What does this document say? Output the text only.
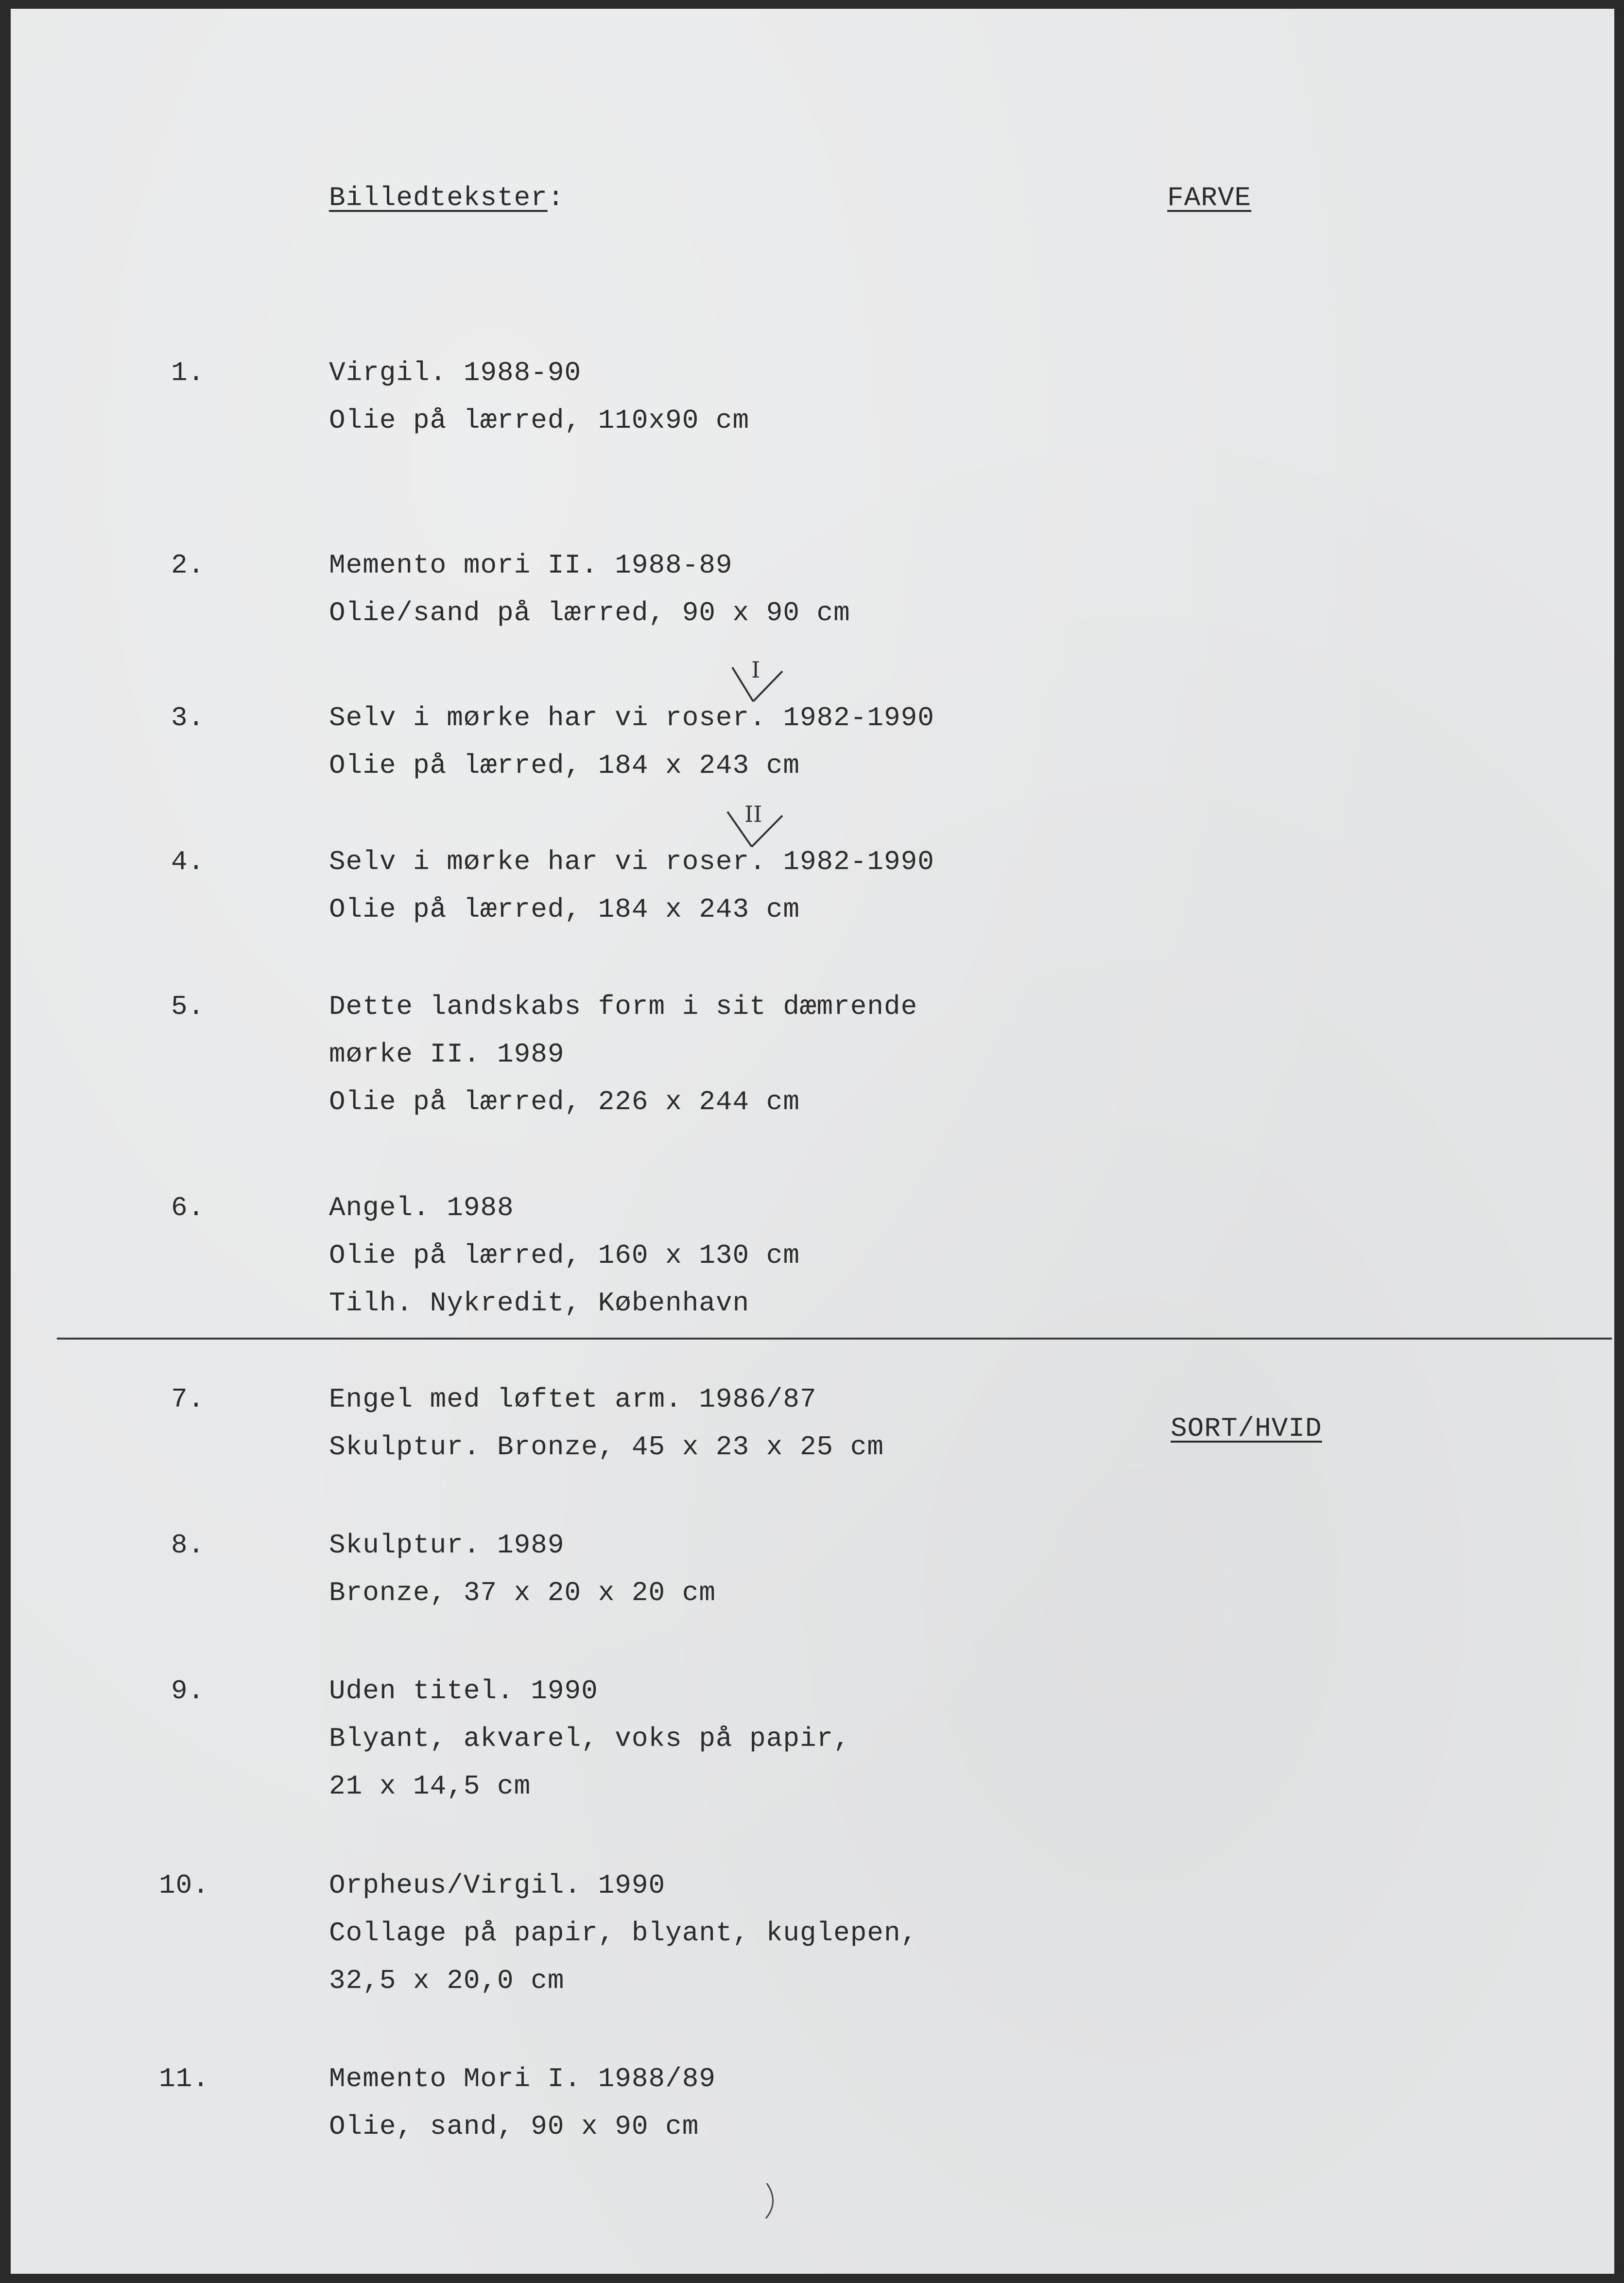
Billedtekster:	FARVE
1.	Virgil. 1988-90
Olie på lærred, 110x90 cm
2.	Memento mori II. 1988-89
Olie/sand på lærred, 90 x 90 cm
3.	Selv i mørke har vi roser. 1982-1990
Olie på lærred, 184 x 243 cm
I
4.	Selv i mørke har vi roser. 1982-1990
Olie på lærred, 184 x 243 cm
II
5.	Dette landskabs form i sit dæmrende
mørke II. 1989
Olie på lærred, 226 x 244 cm
6.	Angel. 1988
Olie på lærred, 160 x 130 cm
Tilh. Nykredit, København
7.	Engel med løftet arm. 1986/87
Skulptur. Bronze, 45 x 23 x 25 cm
SORT/HVID
8.	Skulptur. 1989
Bronze, 37 x 20 x 20 cm
9.	Uden titel. 1990
Blyant, akvarel, voks på papir,
21 x 14,5 cm
10.	Orpheus/Virgil. 1990
Collage på papir, blyant, kuglepen,
32,5 x 20,0 cm
11.	Memento Mori I. 1988/89
Olie, sand, 90 x 90 cm
